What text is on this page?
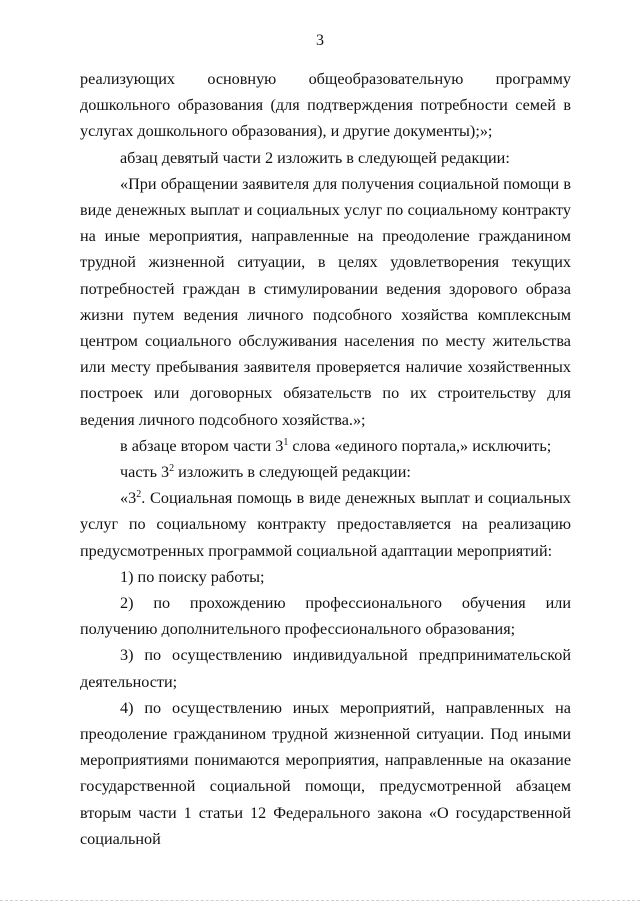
3

реализующих основную общеобразовательную программу дошкольного образования (для подтверждения потребности семей в услугах дошкольного образования), и другие документы);»;

абзац девятый части 2 изложить в следующей редакции:

«При обращении заявителя для получения социальной помощи в виде денежных выплат и социальных услуг по социальному контракту на иные мероприятия, направленные на преодоление гражданином трудной жизненной ситуации, в целях удовлетворения текущих потребностей граждан в стимулировании ведения здорового образа жизни путем ведения личного подсобного хозяйства комплексным центром социального обслуживания населения по месту жительства или месту пребывания заявителя проверяется наличие хозяйственных построек или договорных обязательств по их строительству для ведения личного подсобного хозяйства.»;

в абзаце втором части $3^1$ слова «единого портала,» исключить;

часть $3^2$ изложить в следующей редакции:

«$3^2$. Социальная помощь в виде денежных выплат и социальных услуг по социальному контракту предоставляется на реализацию предусмотренных программой социальной адаптации мероприятий:

1) по поиску работы;

2) по прохождению профессионального обучения или получению дополнительного профессионального образования;

3) по осуществлению индивидуальной предпринимательской деятельности;

4) по осуществлению иных мероприятий, направленных на преодоление гражданином трудной жизненной ситуации. Под иными мероприятиями понимаются мероприятия, направленные на оказание государственной социальной помощи, предусмотренной абзацем вторым части 1 статьи 12 Федерального закона «О государственной социальной
